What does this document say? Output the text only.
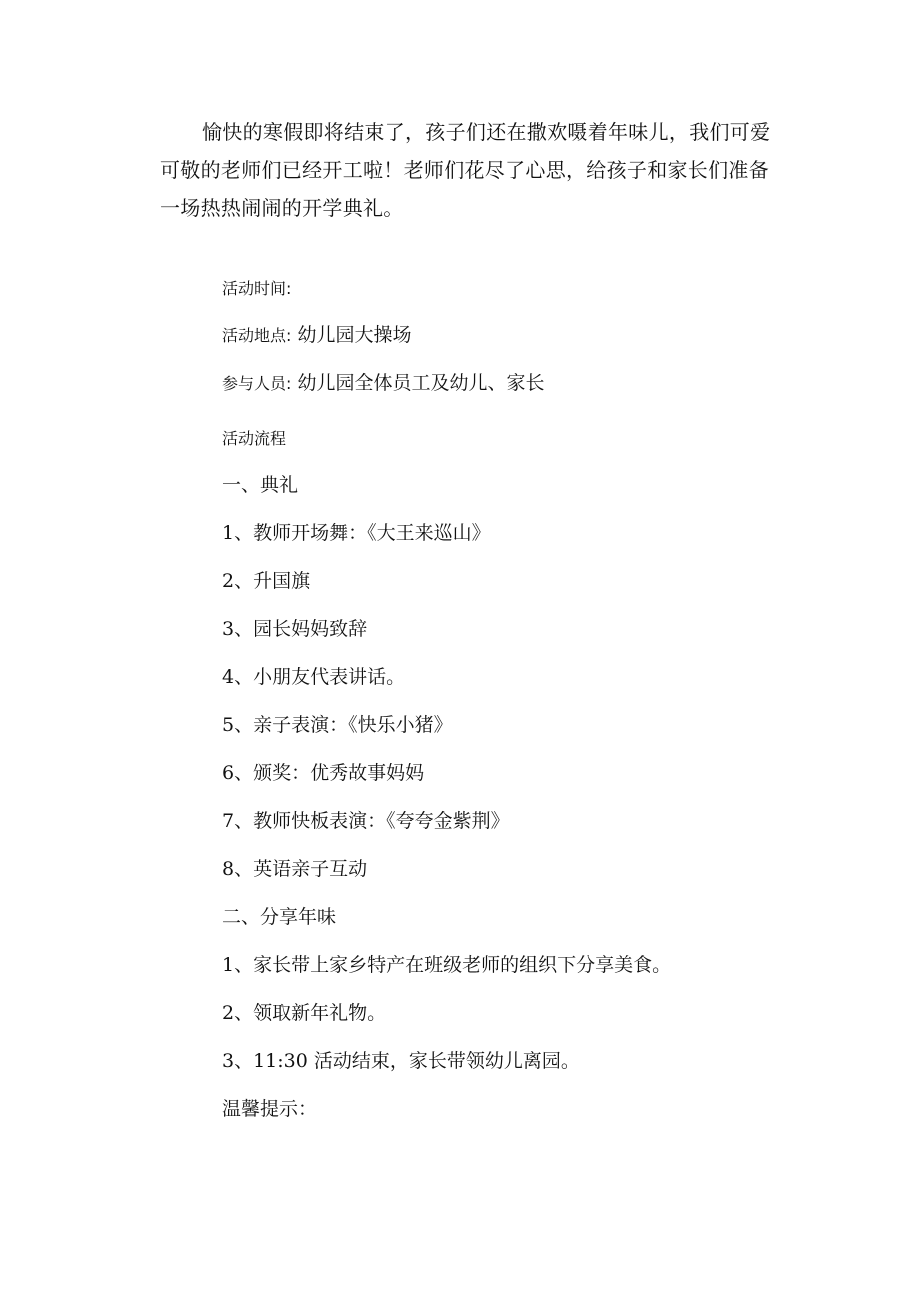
愉快的寒假即将结束了，孩子们还在撒欢嗫着年味儿，我们可爱可敬的老师们已经开工啦！老师们花尽了心思，给孩子和家长们准备一场热热闹闹的开学典礼。

活动时间:

活动地点: 幼儿园大操场

参与人员: 幼儿园全体员工及幼儿、家长

活动流程

一、典礼

1、教师开场舞：《大王来巡山》

2、升国旗

3、园长妈妈致辞

4、小朋友代表讲话。

5、亲子表演：《快乐小猪》

6、颁奖：优秀故事妈妈

7、教师快板表演：《夸夸金紫荆》

8、英语亲子互动

二、分享年味

1、家长带上家乡特产在班级老师的组织下分享美食。

2、领取新年礼物。

3、11:30 活动结束，家长带领幼儿离园。

温馨提示：
